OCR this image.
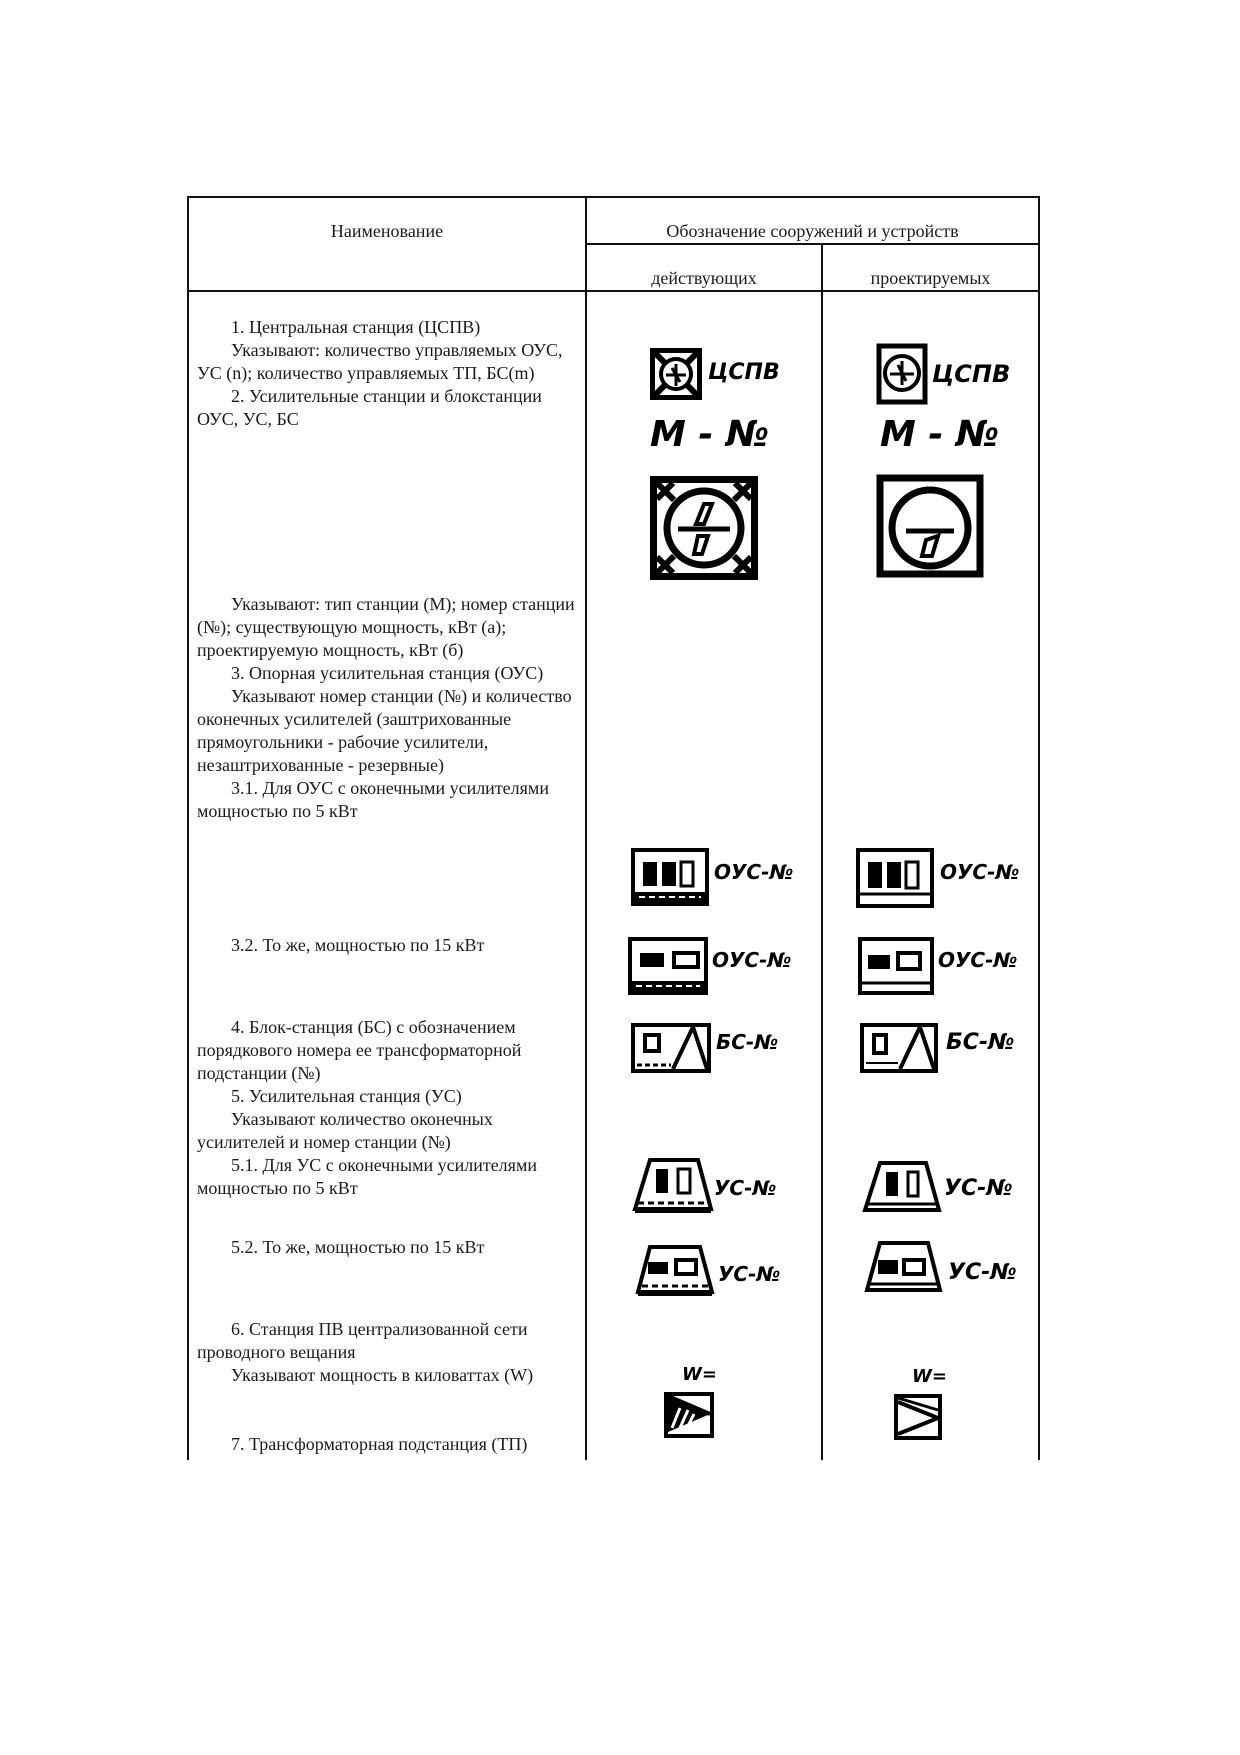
Наименование	Обозначение сооружений и устройств
действующих	проектируемых

1. Центральная станция (ЦСПВ)

Указывают: количество управляемых ОУС, УС (n); количество управляемых ТП, БС(m)

2. Усилительные станции и блокстанции ОУС, УС, БС

Указывают: тип станции (М); номер станции (№); существующую мощность, кВт (а); проектируемую мощность, кВт (б)

3. Опорная усилительная станция (ОУС)

Указывают номер станции (№) и количество оконечных усилителей (заштрихованные прямоугольники - рабочие усилители, незаштрихованные - резервные)

3.1. Для ОУС с оконечными усилителями мощностью по 5 кВт

3.2. То же, мощностью по 15 кВт

4. Блок-станция (БС) с обозначением порядкового номера ее трансформаторной подстанции (№)

5. Усилительная станция (УС)

Указывают количество оконечных усилителей и номер станции (№)

5.1. Для УС с оконечными усилителями мощностью по 5 кВт

5.2. То же, мощностью по 15 кВт

6. Станция ПВ централизованной сети проводного вещания

Указывают мощность в киловаттах (W)

7. Трансформаторная подстанция (ТП)

ЦСПВ
М - №
ОУС-№
ОУС-№
БС-№
УС-№
УС-№
W=
ЦСПВ
М - №
ОУС-№
ОУС-№
БС-№
УС-№
УС-№
W=
